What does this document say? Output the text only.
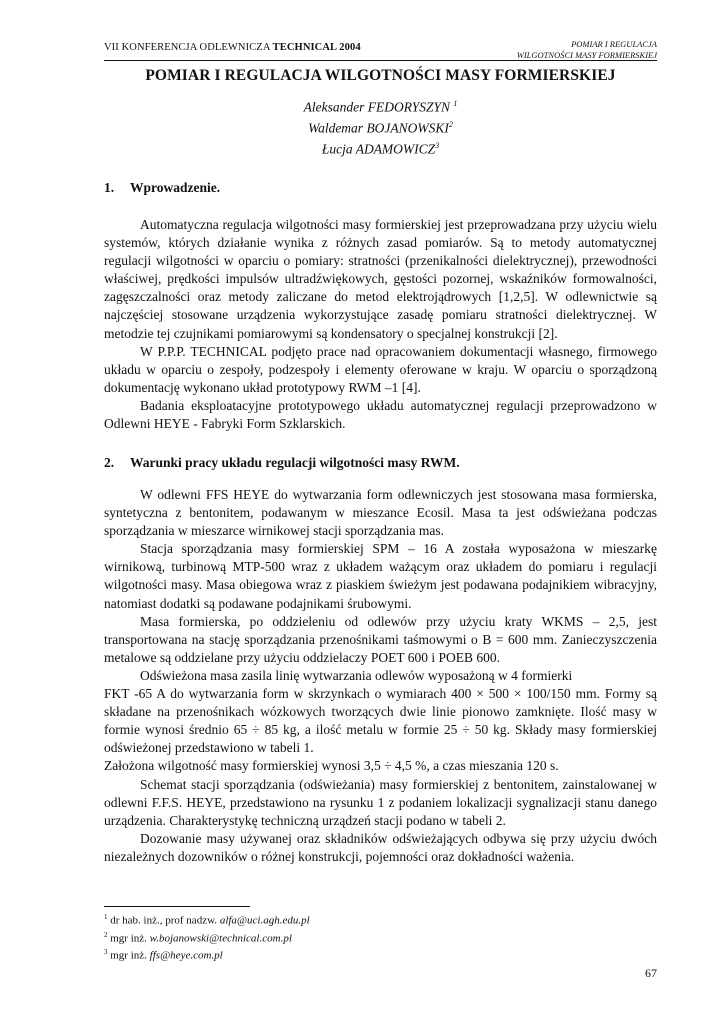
VII KONFERENCJA ODLEWNICZA TECHNICAL 2004	POMIAR I REGULACJA
WILGOTNOŚCI MASY FORMIERSKIEJ
POMIAR I REGULACJA WILGOTNOŚCI MASY FORMIERSKIEJ
Aleksander FEDORYSZYN $^1$
Waldemar BOJANOWSKI$^2$
Łucja ADAMOWICZ$^3$
1. Wprowadzenie.

Automatyczna regulacja wilgotności masy formierskiej jest przeprowadzana przy użyciu wielu systemów, których działanie wynika z różnych zasad pomiarów. Są to metody automatycznej regulacji wilgotności w oparciu o pomiary: stratności (przenikalności dielektrycznej), przewodności właściwej, prędkości impulsów ultradźwiękowych, gęstości pozornej, wskaźników formowalności, zagęszczalności oraz metody zaliczane do metod elektrojądrowych [1,2,5]. W odlewnictwie są najczęściej stosowane urządzenia wykorzystujące zasadę pomiaru stratności dielektrycznej. W metodzie tej czujnikami pomiarowymi są kondensatory o specjalnej konstrukcji [2].

W P.P.P. TECHNICAL podjęto prace nad opracowaniem dokumentacji własnego, firmowego układu w oparciu o zespoły, podzespoły i elementy oferowane w kraju. W oparciu o sporządzoną dokumentację wykonano układ prototypowy RWM –1 [4].

Badania eksploatacyjne prototypowego układu automatycznej regulacji przeprowadzono w Odlewni HEYE - Fabryki Form Szklarskich.

2. Warunki pracy układu regulacji wilgotności masy RWM.

W odlewni FFS HEYE do wytwarzania form odlewniczych jest stosowana masa formierska, syntetyczna z bentonitem, podawanym w mieszance Ecosil. Masa ta jest odświeżana podczas sporządzania w mieszarce wirnikowej stacji sporządzania mas.

Stacja sporządzania masy formierskiej SPM – 16 A została wyposażona w mieszarkę wirnikową, turbinową MTP-500 wraz z układem ważącym oraz układem do pomiaru i regulacji wilgotności masy. Masa obiegowa wraz z piaskiem świeżym jest podawana podajnikiem wibracyjny, natomiast dodatki są podawane podajnikami śrubowymi.

Masa formierska, po oddzieleniu od odlewów przy użyciu kraty WKMS – 2,5, jest transportowana na stację sporządzania przenośnikami taśmowymi o B = 600 mm. Zanieczyszczenia metalowe są oddzielane przy użyciu oddzielaczy POET 600 i POEB 600.

Odświeżona masa zasila linię wytwarzania odlewów wyposażoną w 4 formierki

FKT -65 A do wytwarzania form w skrzynkach o wymiarach 400 × 500 × 100/150 mm. Formy są składane na przenośnikach wózkowych tworzących dwie linie pionowo zamknięte. Ilość masy w formie wynosi średnio 65 ÷ 85 kg, a ilość metalu w formie 25 ÷ 50 kg. Składy masy formierskiej odświeżonej przedstawiono w tabeli 1.

Założona wilgotność masy formierskiej wynosi 3,5 ÷ 4,5 %, a czas mieszania 120 s.

Schemat stacji sporządzania (odświeżania) masy formierskiej z bentonitem, zainstalowanej w odlewni F.F.S. HEYE, przedstawiono na rysunku 1 z podaniem lokalizacji sygnalizacji stanu danego urządzenia. Charakterystykę techniczną urządzeń stacji podano w tabeli 2.

Dozowanie masy używanej oraz składników odświeżających odbywa się przy użyciu dwóch niezależnych dozowników o różnej konstrukcji, pojemności oraz dokładności ważenia.

$^1$ dr hab. inż., prof nadzw. alfa@uci.agh.edu.pl
$^2$ mgr inż. w.bojanowski@technical.com.pl
$^3$ mgr inż. ffs@heye.com.pl
67
